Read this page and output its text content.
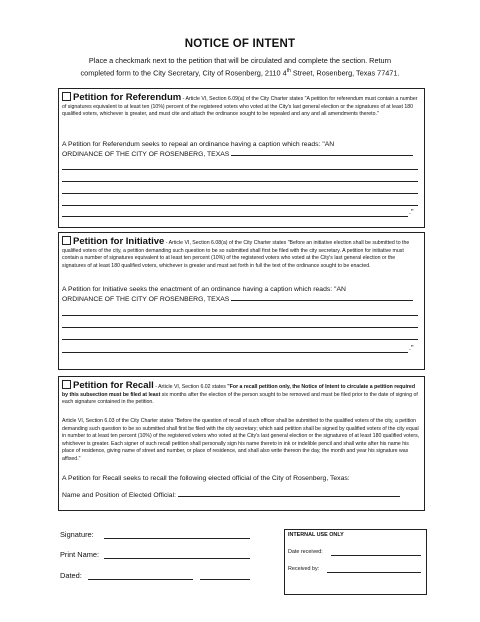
NOTICE OF INTENT
Place a checkmark next to the petition that will be circulated and complete the section. Return
completed form to the City Secretary, City of Rosenberg, 2110 4th Street, Rosenberg, Texas 77471.
Petition for Referendum - Article VI, Section 6.09(a) of the City Charter states "A petition for referendum must contain a number of signatures equivalent to at least ten (10%) percent of the registered voters who voted at the City's last general election or the signatures of at least 180 qualified voters, whichever is greater, and must cite and attach the ordinance sought to be repealed and any and all amendments thereto."
A Petition for Referendum seeks to repeal an ordinance having a caption which reads: "AN
ORDINANCE OF THE CITY OF ROSENBERG, TEXAS
."
Petition for Initiative - Article VI, Section 6.08(a) of the City Charter states "Before an initiative election shall be submitted to the qualified voters of the city, a petition demanding such question to be so submitted shall first be filed with the city secretary. A petition for initiative must contain a number of signatures equivalent to at least ten percent (10%) of the registered voters who voted at the City's last general election or the signatures of at least 180 qualified voters, whichever is greater and must set forth in full the text of the ordinance sought to be enacted.
A Petition for Initiative seeks the enactment of an ordinance having a caption which reads: "AN
ORDINANCE OF THE CITY OF ROSENBERG, TEXAS
."
Petition for Recall - Article VI, Section 6.02 states "For a recall petition only, the Notice of Intent to circulate a petition required by this subsection must be filed at least six months after the election of the person sought to be removed and must be filed prior to the date of signing of each signature contained in the petition.
Article VI, Section 6.03 of the City Charter states "Before the question of recall of such officer shall be submitted to the qualified voters of the city, a petition demanding such question to be so submitted shall first be filed with the city secretary; which said petition shall be signed by qualified voters of the city equal in number to at least ten percent (10%) of the registered voters who voted at the City's last general election or the signatures of at least 180 qualified voters, whichever is greater. Each signer of such recall petition shall personally sign his name thereto in ink or indelible pencil and shall write after his name his place of residence, giving name of street and number, or place of residence, and shall also write thereon the day, the month and year his signature was affixed."
A Petition for Recall seeks to recall the following elected official of the City of Rosenberg, Texas:
Name and Position of Elected Official:
Signature:
Print Name:
Dated:
INTERNAL USE ONLY
Date received:
Received by:
